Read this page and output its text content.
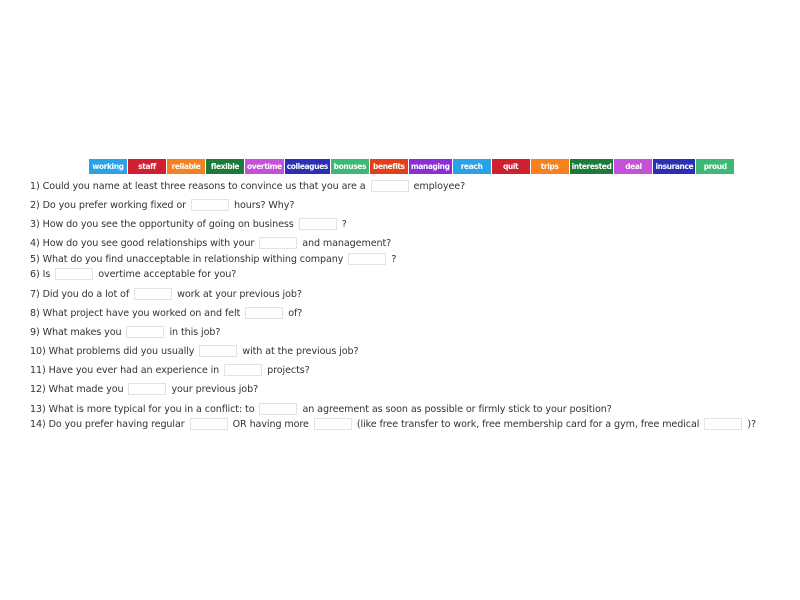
working	staff	reliable	flexible	overtime colleagues bonuses benefits managing	reach	quit	trips	interested	deal	insurance	proud
1) Could you name at least three reasons to convince us that you are a	employee?
2) Do you prefer working fixed or	hours? Why?
3) How do you see the opportunity of going on business	?
4) How do you see good relationships with your	and management?
5) What do you find unacceptable in relationship withing company	?
6) Is	overtime acceptable for you?
7) Did you do a lot of	work at your previous job?
8) What project have you worked on and felt	of?
9) What makes you	in this job?
10) What problems did you usually	with at the previous job?
11) Have you ever had an experience in	projects?
12) What made you	your previous job?
13) What is more typical for you in a conflict: to	an agreement as soon as possible or firmly stick to your position?
14) Do you prefer having regular	OR having more	(like free transfer to work, free membership card for a gym, free medical	)?
